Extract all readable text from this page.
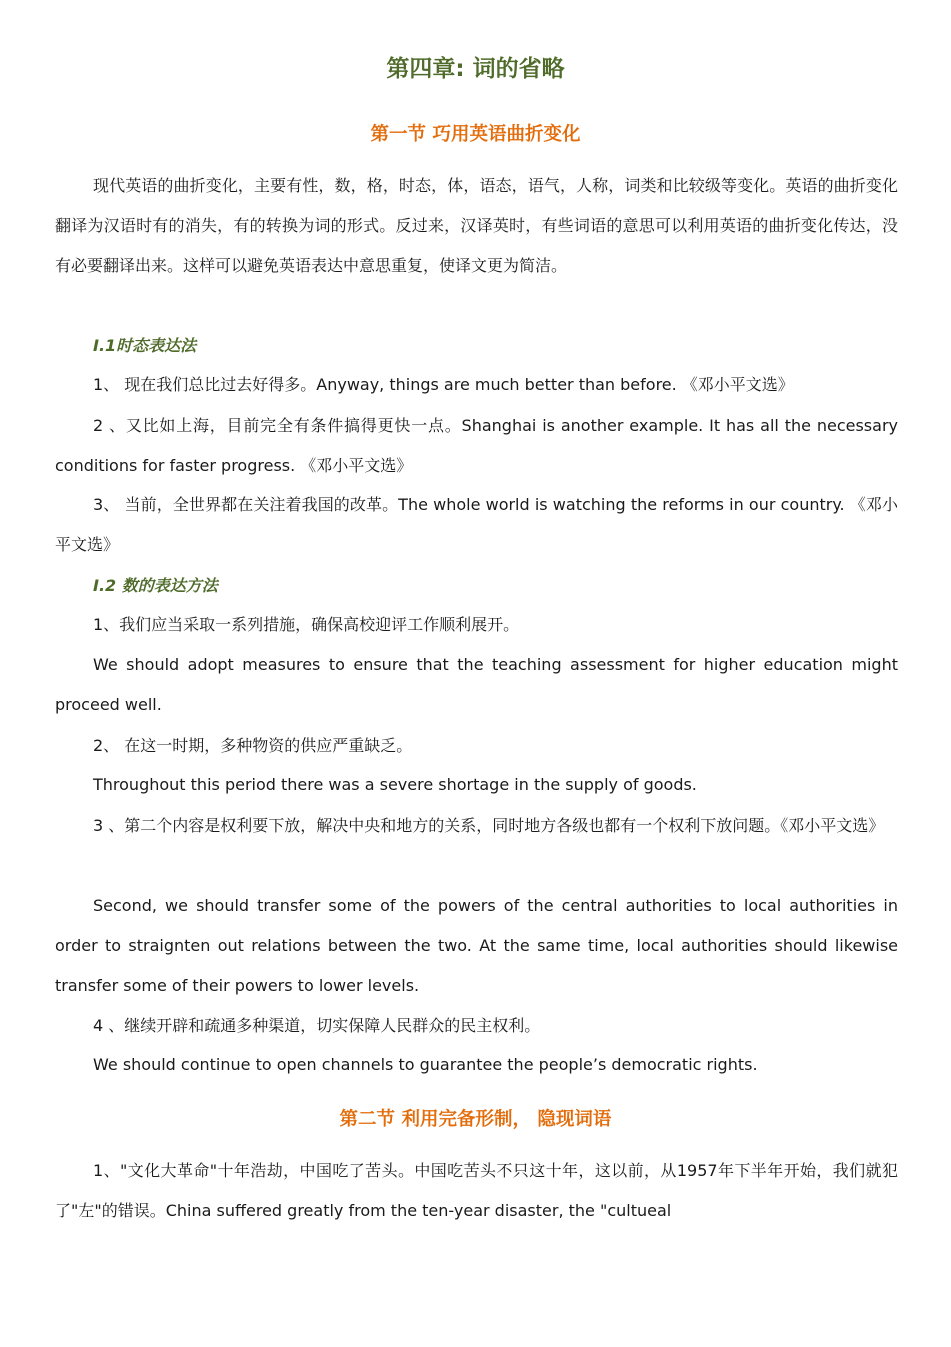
第四章: 词的省略
第一节 巧用英语曲折变化

现代英语的曲折变化，主要有性，数，格，时态，体，语态，语气，人称，词类和比较级等变化。英语的曲折变化翻译为汉语时有的消失，有的转换为词的形式。反过来，汉译英时，有些词语的意思可以利用英语的曲折变化传达，没有必要翻译出来。这样可以避免英语表达中意思重复，使译文更为简洁。

I.1时态表达法
1、 现在我们总比过去好得多。Anyway, things are much better than before. 《邓小平文选》

2 、又比如上海，目前完全有条件搞得更快一点。Shanghai is another example. It has all the necessary conditions for faster progress. 《邓小平文选》

3、 当前，全世界都在关注着我国的改革。The whole world is watching the reforms in our country. 《邓小平文选》

I.2 数的表达方法
1、我们应当采取一系列措施，确保高校迎评工作顺利展开。

We should adopt measures to ensure that the teaching assessment for higher education might proceed well.

2、 在这一时期，多种物资的供应严重缺乏。
Throughout this period there was a severe shortage in the supply of goods.

3 、第二个内容是权利要下放，解决中央和地方的关系，同时地方各级也都有一个权利下放问题。《邓小平文选》

Second, we should transfer some of the powers of the central authorities to local authorities in order to straignten out relations between the two. At the same time, local authorities should likewise transfer some of their powers to lower levels.

4 、继续开辟和疏通多种渠道，切实保障人民群众的民主权利。
We should continue to open channels to guarantee the people’s democratic rights.
第二节 利用完备形制， 隐现词语

1、"文化大革命"十年浩劫，中国吃了苦头。中国吃苦头不只这十年，这以前，从1957年下半年开始，我们就犯了"左"的错误。China suffered greatly from the ten-year disaster, the "cultueal
